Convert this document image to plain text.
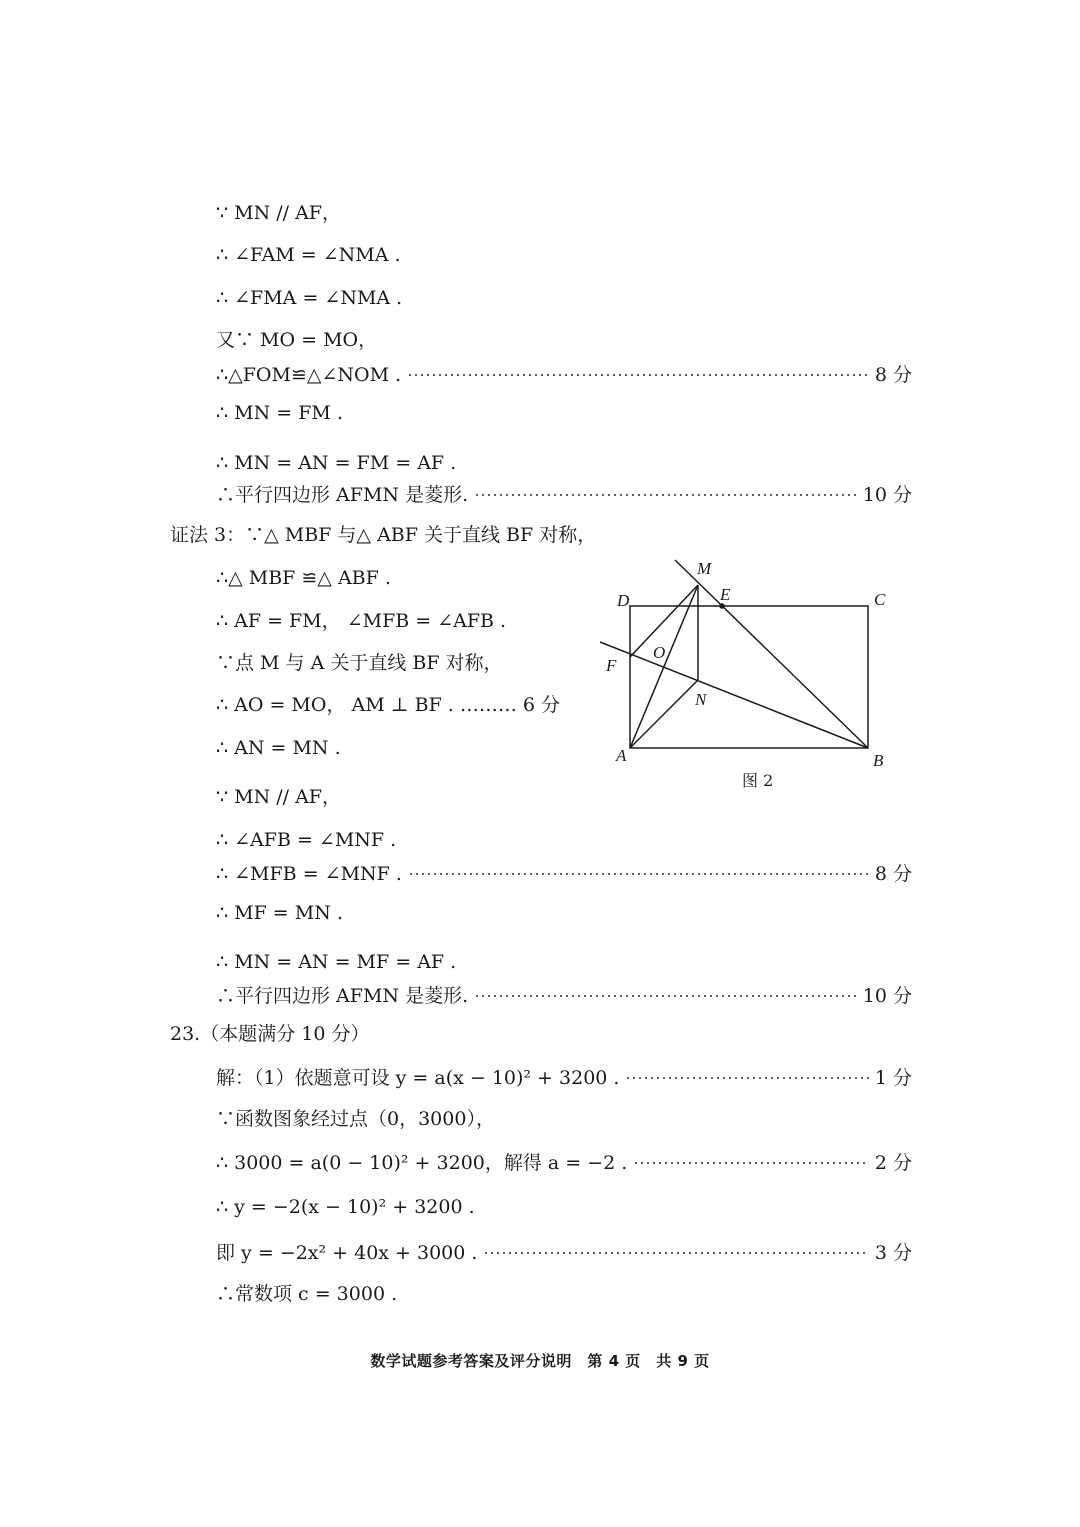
∵ MN // AF，
∴ ∠FAM = ∠NMA .
∴ ∠FMA = ∠NMA .
又∵ MO = MO，
∴△FOM≌△∠NOM .	8 分
∴ MN = FM .
∴ MN = AN = FM = AF .
∴平行四边形 AFMN 是菱形.	10 分
证法 3：∵△ MBF 与△ ABF 关于直线 BF 对称，
∴△ MBF ≌△ ABF .
∴ AF = FM， ∠MFB = ∠AFB .
∵点 M 与 A 关于直线 BF 对称，
∴ AO = MO， AM ⊥ BF . ……… 6 分
∴ AN = MN .
∵ MN // AF，
∴ ∠AFB = ∠MNF .
∴ ∠MFB = ∠MNF .	8 分
∴ MF = MN .
∴ MN = AN = MF = AF .
∴平行四边形 AFMN 是菱形.	10 分
23.（本题满分 10 分）
解：（1）依题意可设 y = a(x − 10)² + 3200 .	1 分
∵函数图象经过点（0，3000），
∴ 3000 = a(0 − 10)² + 3200，解得 a = −2 .	2 分
∴ y = −2(x − 10)² + 3200 .
即 y = −2x² + 40x + 3000 .	3 分
∴常数项 c = 3000 .
M
E
D	C
F
O
N
A	B
图 2
数学试题参考答案及评分说明　第 4 页　共 9 页
